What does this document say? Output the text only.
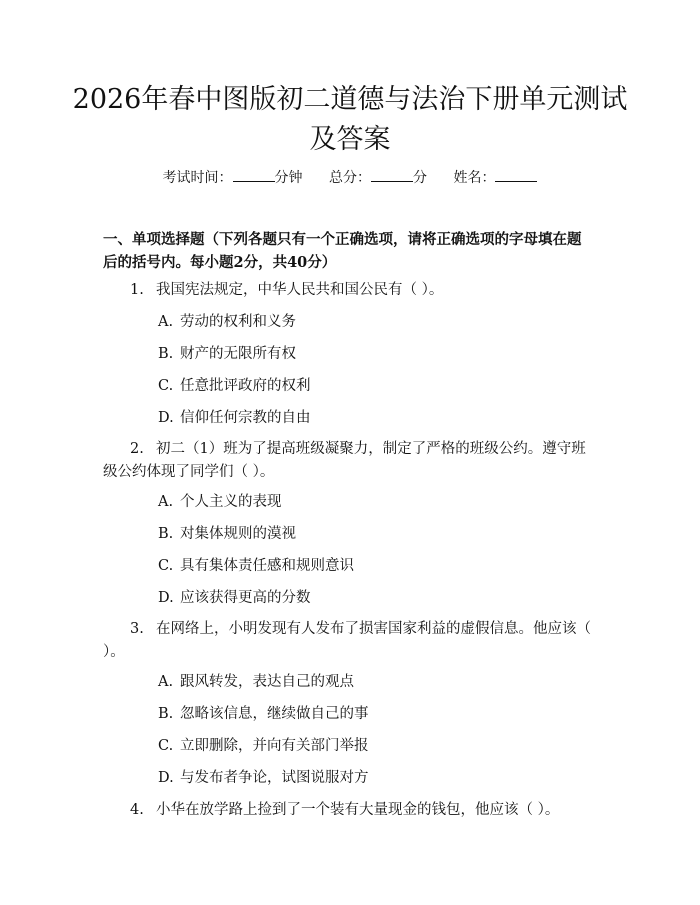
2026年春中图版初二道德与法治下册单元测试及答案
考试时间：	分钟 总分：	分 姓名：

一、单项选择题（下列各题只有一个正确选项，请将正确选项的字母填在题后的括号内。每小题2分，共40分）

1. 我国宪法规定，中华人民共和国公民有（ ）。

A. 劳动的权利和义务

B. 财产的无限所有权

C. 任意批评政府的权利

D. 信仰任何宗教的自由

2. 初二（1）班为了提高班级凝聚力，制定了严格的班级公约。遵守班级公约体现了同学们（ ）。

A. 个人主义的表现

B. 对集体规则的漠视

C. 具有集体责任感和规则意识

D. 应该获得更高的分数

3. 在网络上，小明发现有人发布了损害国家利益的虚假信息。他应该（ ）。

A. 跟风转发，表达自己的观点

B. 忽略该信息，继续做自己的事

C. 立即删除，并向有关部门举报

D. 与发布者争论，试图说服对方

4. 小华在放学路上捡到了一个装有大量现金的钱包，他应该（ ）。
